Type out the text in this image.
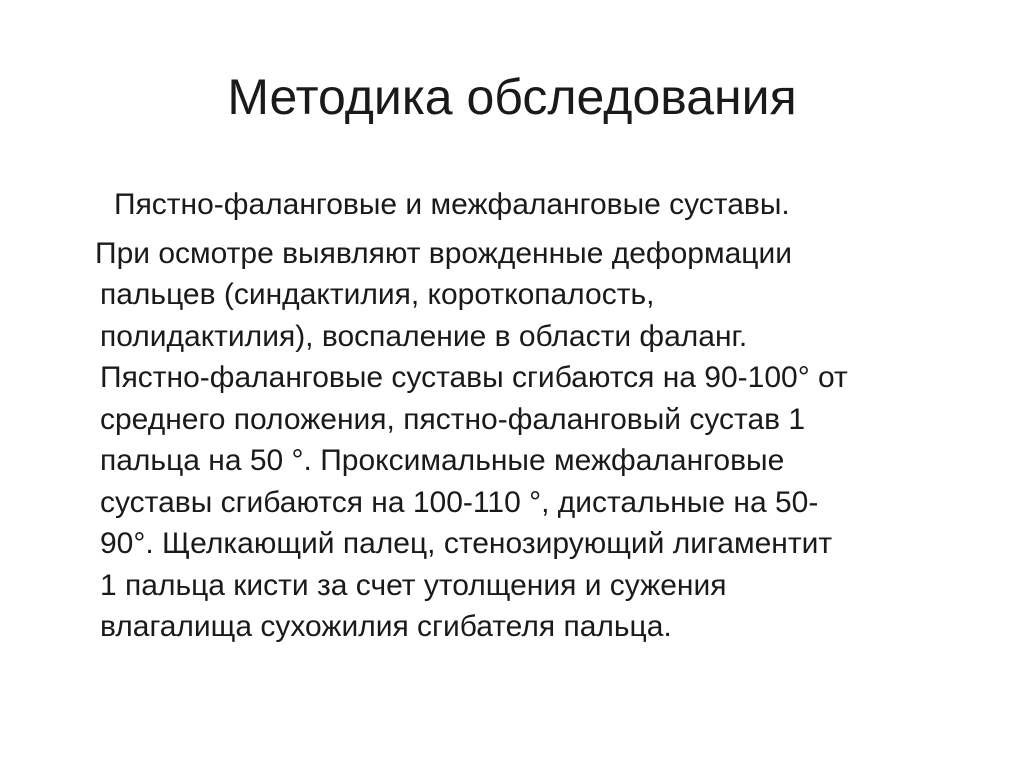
Методика обследования

Пястно-фаланговые и межфаланговые суставы.

При осмотре выявляют врожденные деформации
пальцев (синдактилия, короткопалость,
полидактилия), воспаление в области фаланг.
Пястно-фаланговые суставы сгибаются на 90-100° от
среднего положения, пястно-фаланговый сустав 1
пальца на 50 °. Проксимальные межфаланговые
суставы сгибаются на 100-110 °, дистальные на 50-
90°. Щелкающий палец, стенозирующий лигаментит
1 пальца кисти за счет утолщения и сужения
влагалища сухожилия сгибателя пальца.
